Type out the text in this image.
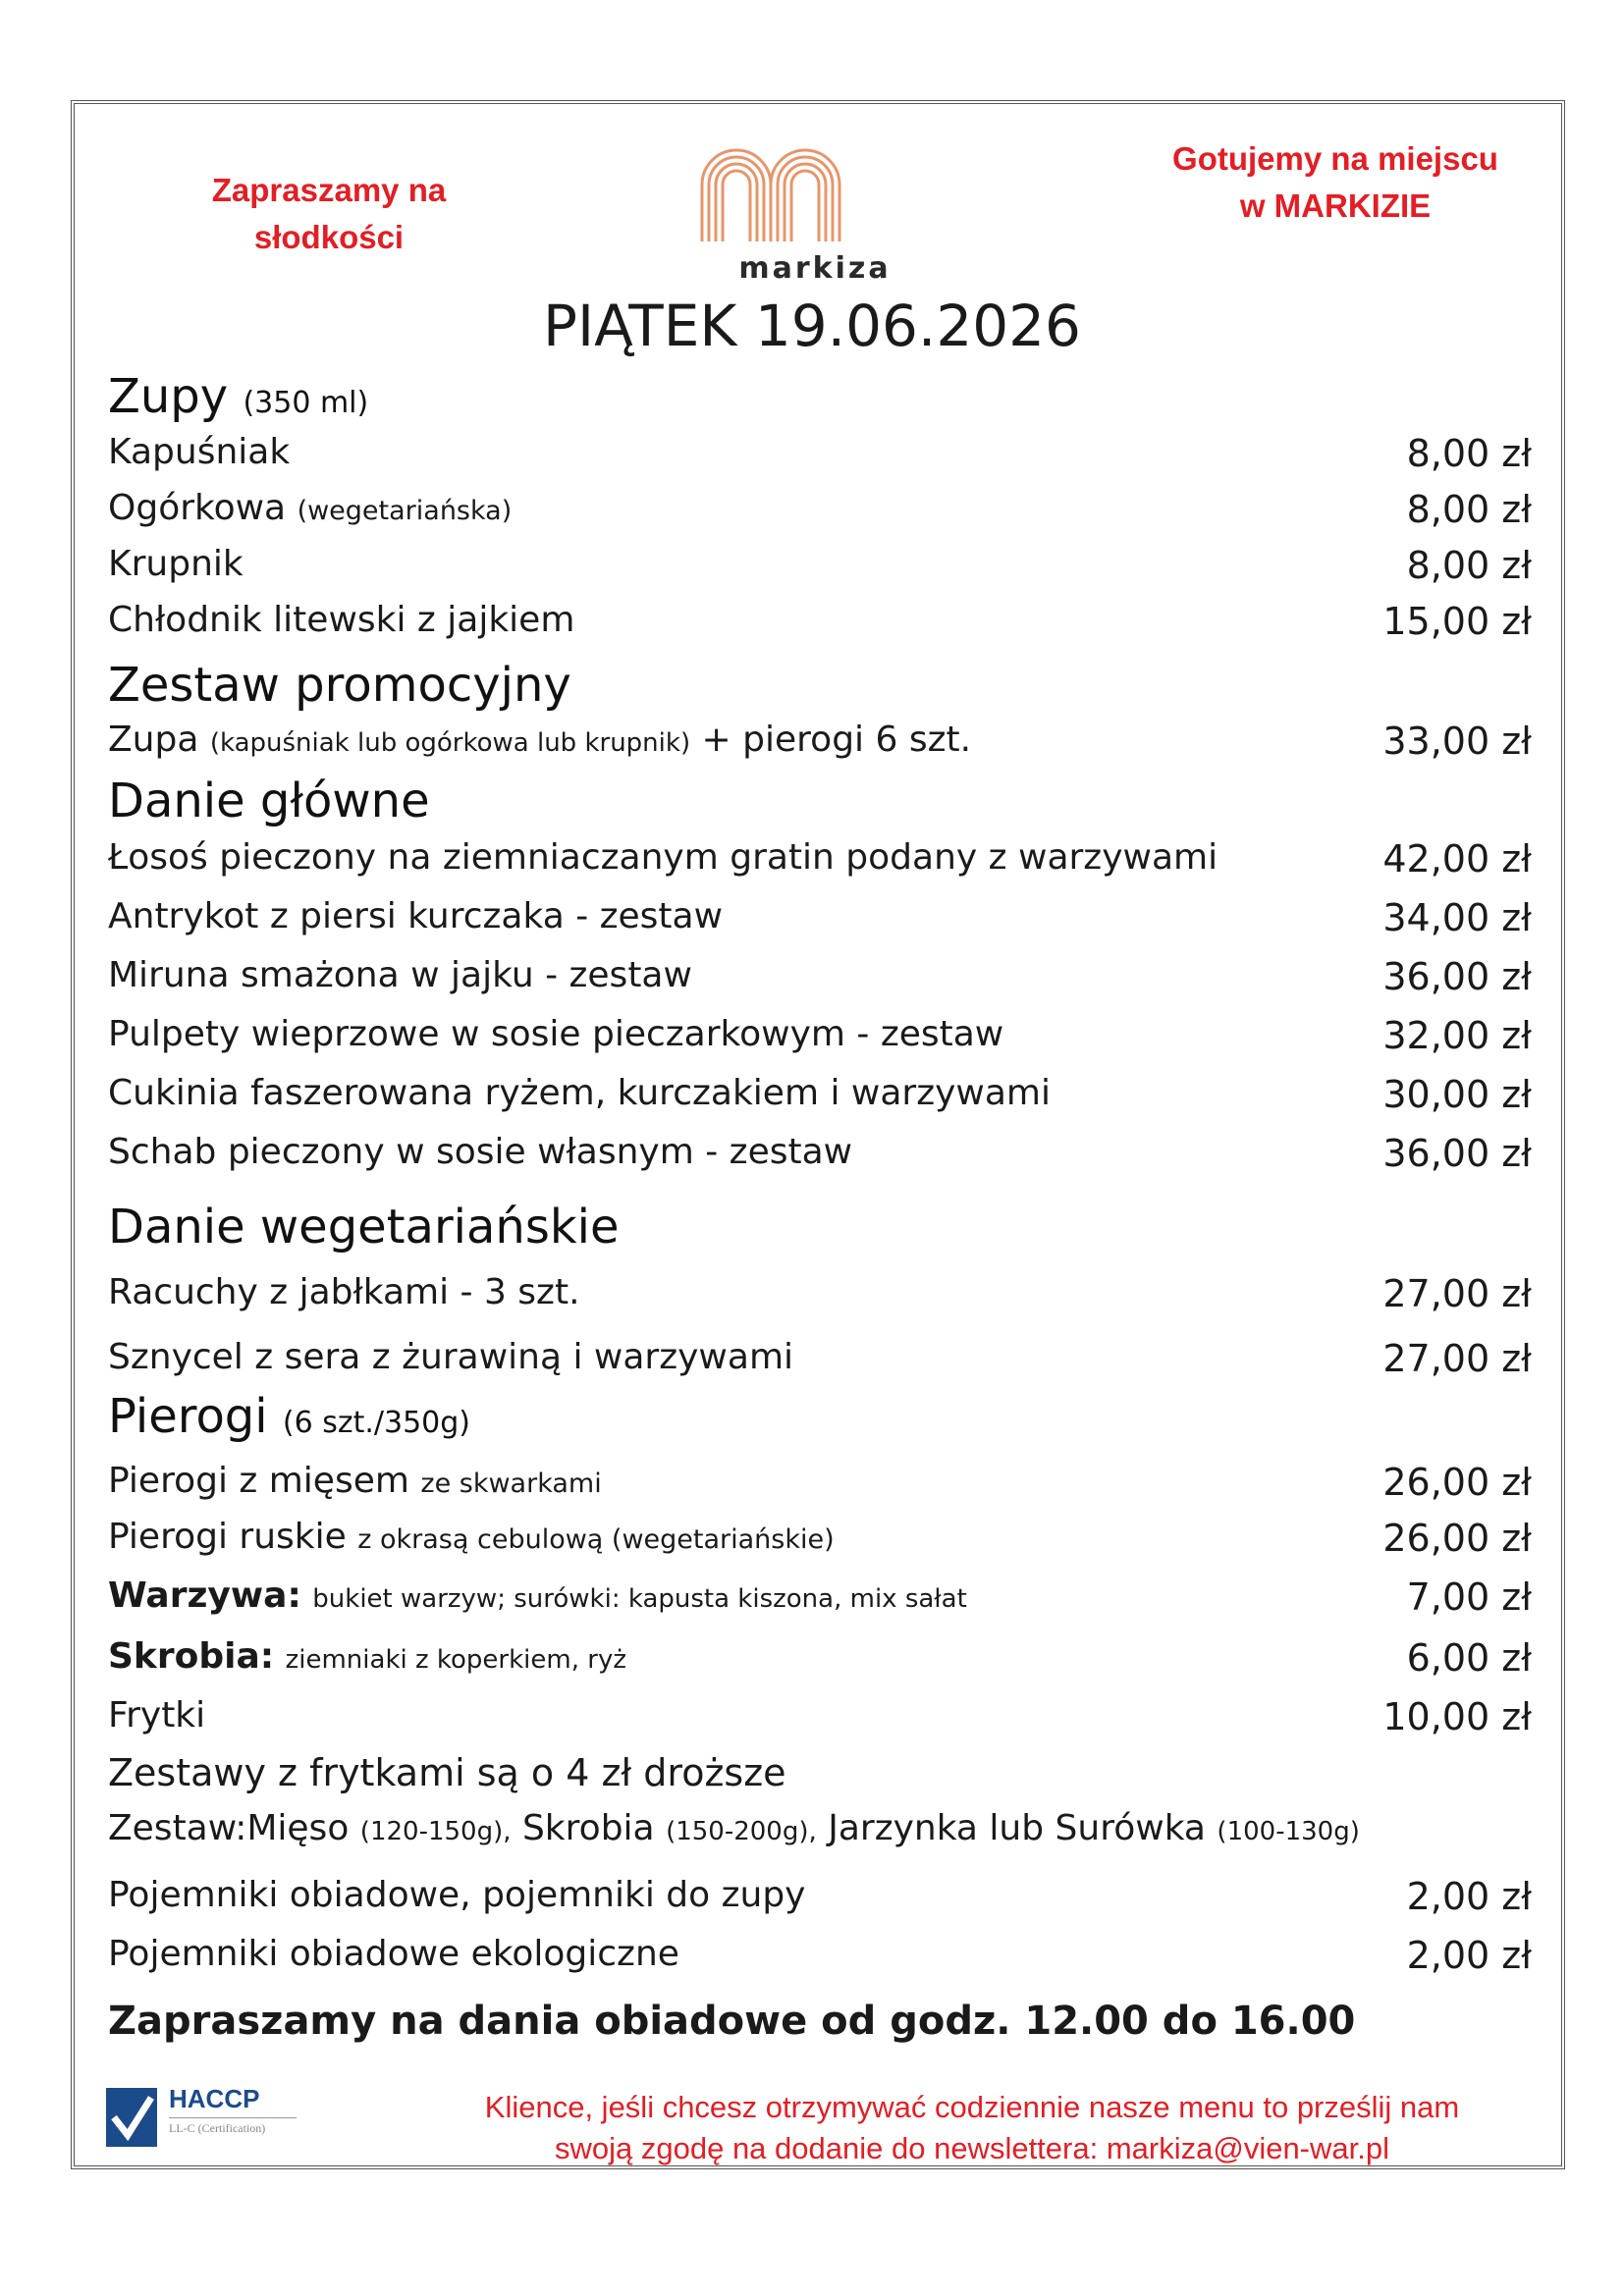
Zapraszamy na
słodkości
Gotujemy na miejscu
w MARKIZIE
markiza
PIĄTEK 19.06.2026
Zupy (350 ml)
Kapuśniak	8,00 zł
Ogórkowa (wegetariańska)	8,00 zł
Krupnik	8,00 zł
Chłodnik litewski z jajkiem	15,00 zł
Zestaw promocyjny
Zupa (kapuśniak lub ogórkowa lub krupnik) + pierogi 6 szt.	33,00 zł
Danie główne
Łosoś pieczony na ziemniaczanym gratin podany z warzywami	42,00 zł
Antrykot z piersi kurczaka - zestaw	34,00 zł
Miruna smażona w jajku - zestaw	36,00 zł
Pulpety wieprzowe w sosie pieczarkowym - zestaw	32,00 zł
Cukinia faszerowana ryżem, kurczakiem i warzywami	30,00 zł
Schab pieczony w sosie własnym - zestaw	36,00 zł
Danie wegetariańskie
Racuchy z jabłkami - 3 szt.	27,00 zł
Sznycel z sera z żurawiną i warzywami	27,00 zł
Pierogi (6 szt./350g)
Pierogi z mięsem ze skwarkami	26,00 zł
Pierogi ruskie z okrasą cebulową (wegetariańskie)	26,00 zł
Warzywa: bukiet warzyw; surówki: kapusta kiszona, mix sałat	7,00 zł
Skrobia: ziemniaki z koperkiem, ryż	6,00 zł
Frytki	10,00 zł
Zestawy z frytkami są o 4 zł droższe
Zestaw:Mięso (120-150g), Skrobia (150-200g), Jarzynka lub Surówka (100-130g)
Pojemniki obiadowe, pojemniki do zupy	2,00 zł
Pojemniki obiadowe ekologiczne	2,00 zł
Zapraszamy na dania obiadowe od godz. 12.00 do 16.00
HACCP
LL-C (Certification)
Klience, jeśli chcesz otrzymywać codziennie nasze menu to prześlij nam
swoją zgodę na dodanie do newslettera: markiza@vien-war.pl
